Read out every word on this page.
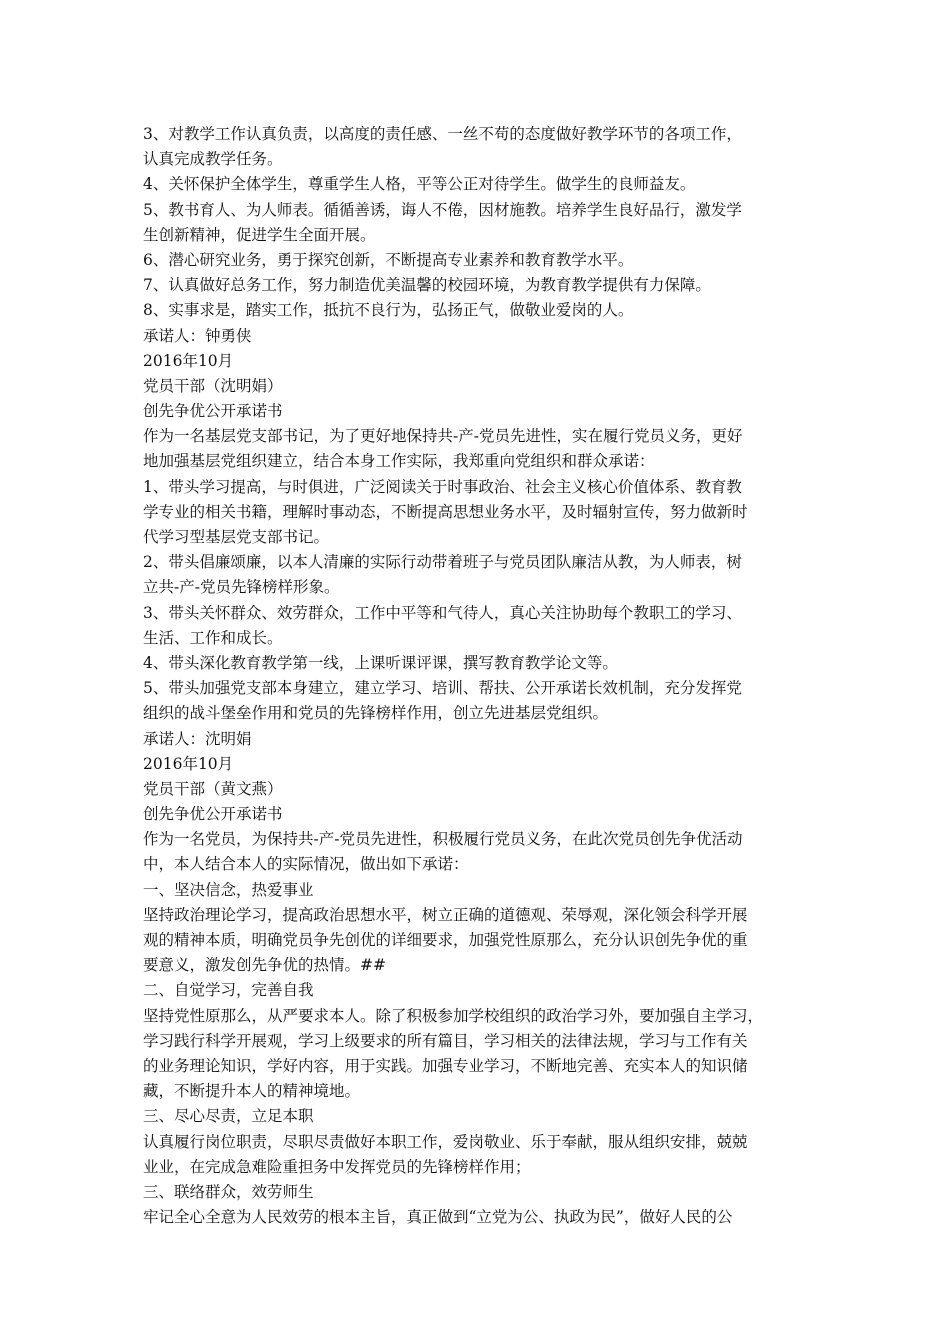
3、对教学工作认真负责，以高度的责任感、一丝不苟的态度做好教学环节的各项工作，
认真完成教学任务。
4、关怀保护全体学生，尊重学生人格，平等公正对待学生。做学生的良师益友。
5、教书育人、为人师表。循循善诱，诲人不倦，因材施教。培养学生良好品行，激发学
生创新精神，促进学生全面开展。
6、潜心研究业务，勇于探究创新，不断提高专业素养和教育教学水平。
7、认真做好总务工作，努力制造优美温馨的校园环境，为教育教学提供有力保障。
8、实事求是，踏实工作，抵抗不良行为，弘扬正气，做敬业爱岗的人。
承诺人：钟勇侠
2016年10月
党员干部（沈明娟）
创先争优公开承诺书
作为一名基层党支部书记，为了更好地保持共-产-党员先进性，实在履行党员义务，更好
地加强基层党组织建立，结合本身工作实际，我郑重向党组织和群众承诺：
1、带头学习提高，与时俱进，广泛阅读关于时事政治、社会主义核心价值体系、教育教
学专业的相关书籍，理解时事动态，不断提高思想业务水平，及时辐射宣传，努力做新时
代学习型基层党支部书记。
2、带头倡廉颂廉，以本人清廉的实际行动带着班子与党员团队廉洁从教，为人师表，树
立共-产-党员先锋榜样形象。
3、带头关怀群众、效劳群众，工作中平等和气待人，真心关注协助每个教职工的学习、
生活、工作和成长。
4、带头深化教育教学第一线，上课听课评课，撰写教育教学论文等。
5、带头加强党支部本身建立，建立学习、培训、帮扶、公开承诺长效机制，充分发挥党
组织的战斗堡垒作用和党员的先锋榜样作用，创立先进基层党组织。
承诺人：沈明娟
2016年10月
党员干部（黄文燕）
创先争优公开承诺书
作为一名党员，为保持共-产-党员先进性，积极履行党员义务，在此次党员创先争优活动
中，本人结合本人的实际情况，做出如下承诺：
一、坚决信念，热爱事业
坚持政治理论学习，提高政治思想水平，树立正确的道德观、荣辱观，深化领会科学开展
观的精神本质，明确党员争先创优的详细要求，加强党性原那么，充分认识创先争优的重
要意义，激发创先争优的热情。##
二、自觉学习，完善自我
坚持党性原那么，从严要求本人。除了积极参加学校组织的政治学习外，要加强自主学习，
学习践行科学开展观，学习上级要求的所有篇目，学习相关的法律法规，学习与工作有关
的业务理论知识，学好内容，用于实践。加强专业学习，不断地完善、充实本人的知识储
藏，不断提升本人的精神境地。
三、尽心尽责，立足本职
认真履行岗位职责，尽职尽责做好本职工作，爱岗敬业、乐于奉献，服从组织安排，兢兢
业业，在完成急难险重担务中发挥党员的先锋榜样作用；
三、联络群众，效劳师生
牢记全心全意为人民效劳的根本主旨，真正做到“立党为公、执政为民”，做好人民的公
